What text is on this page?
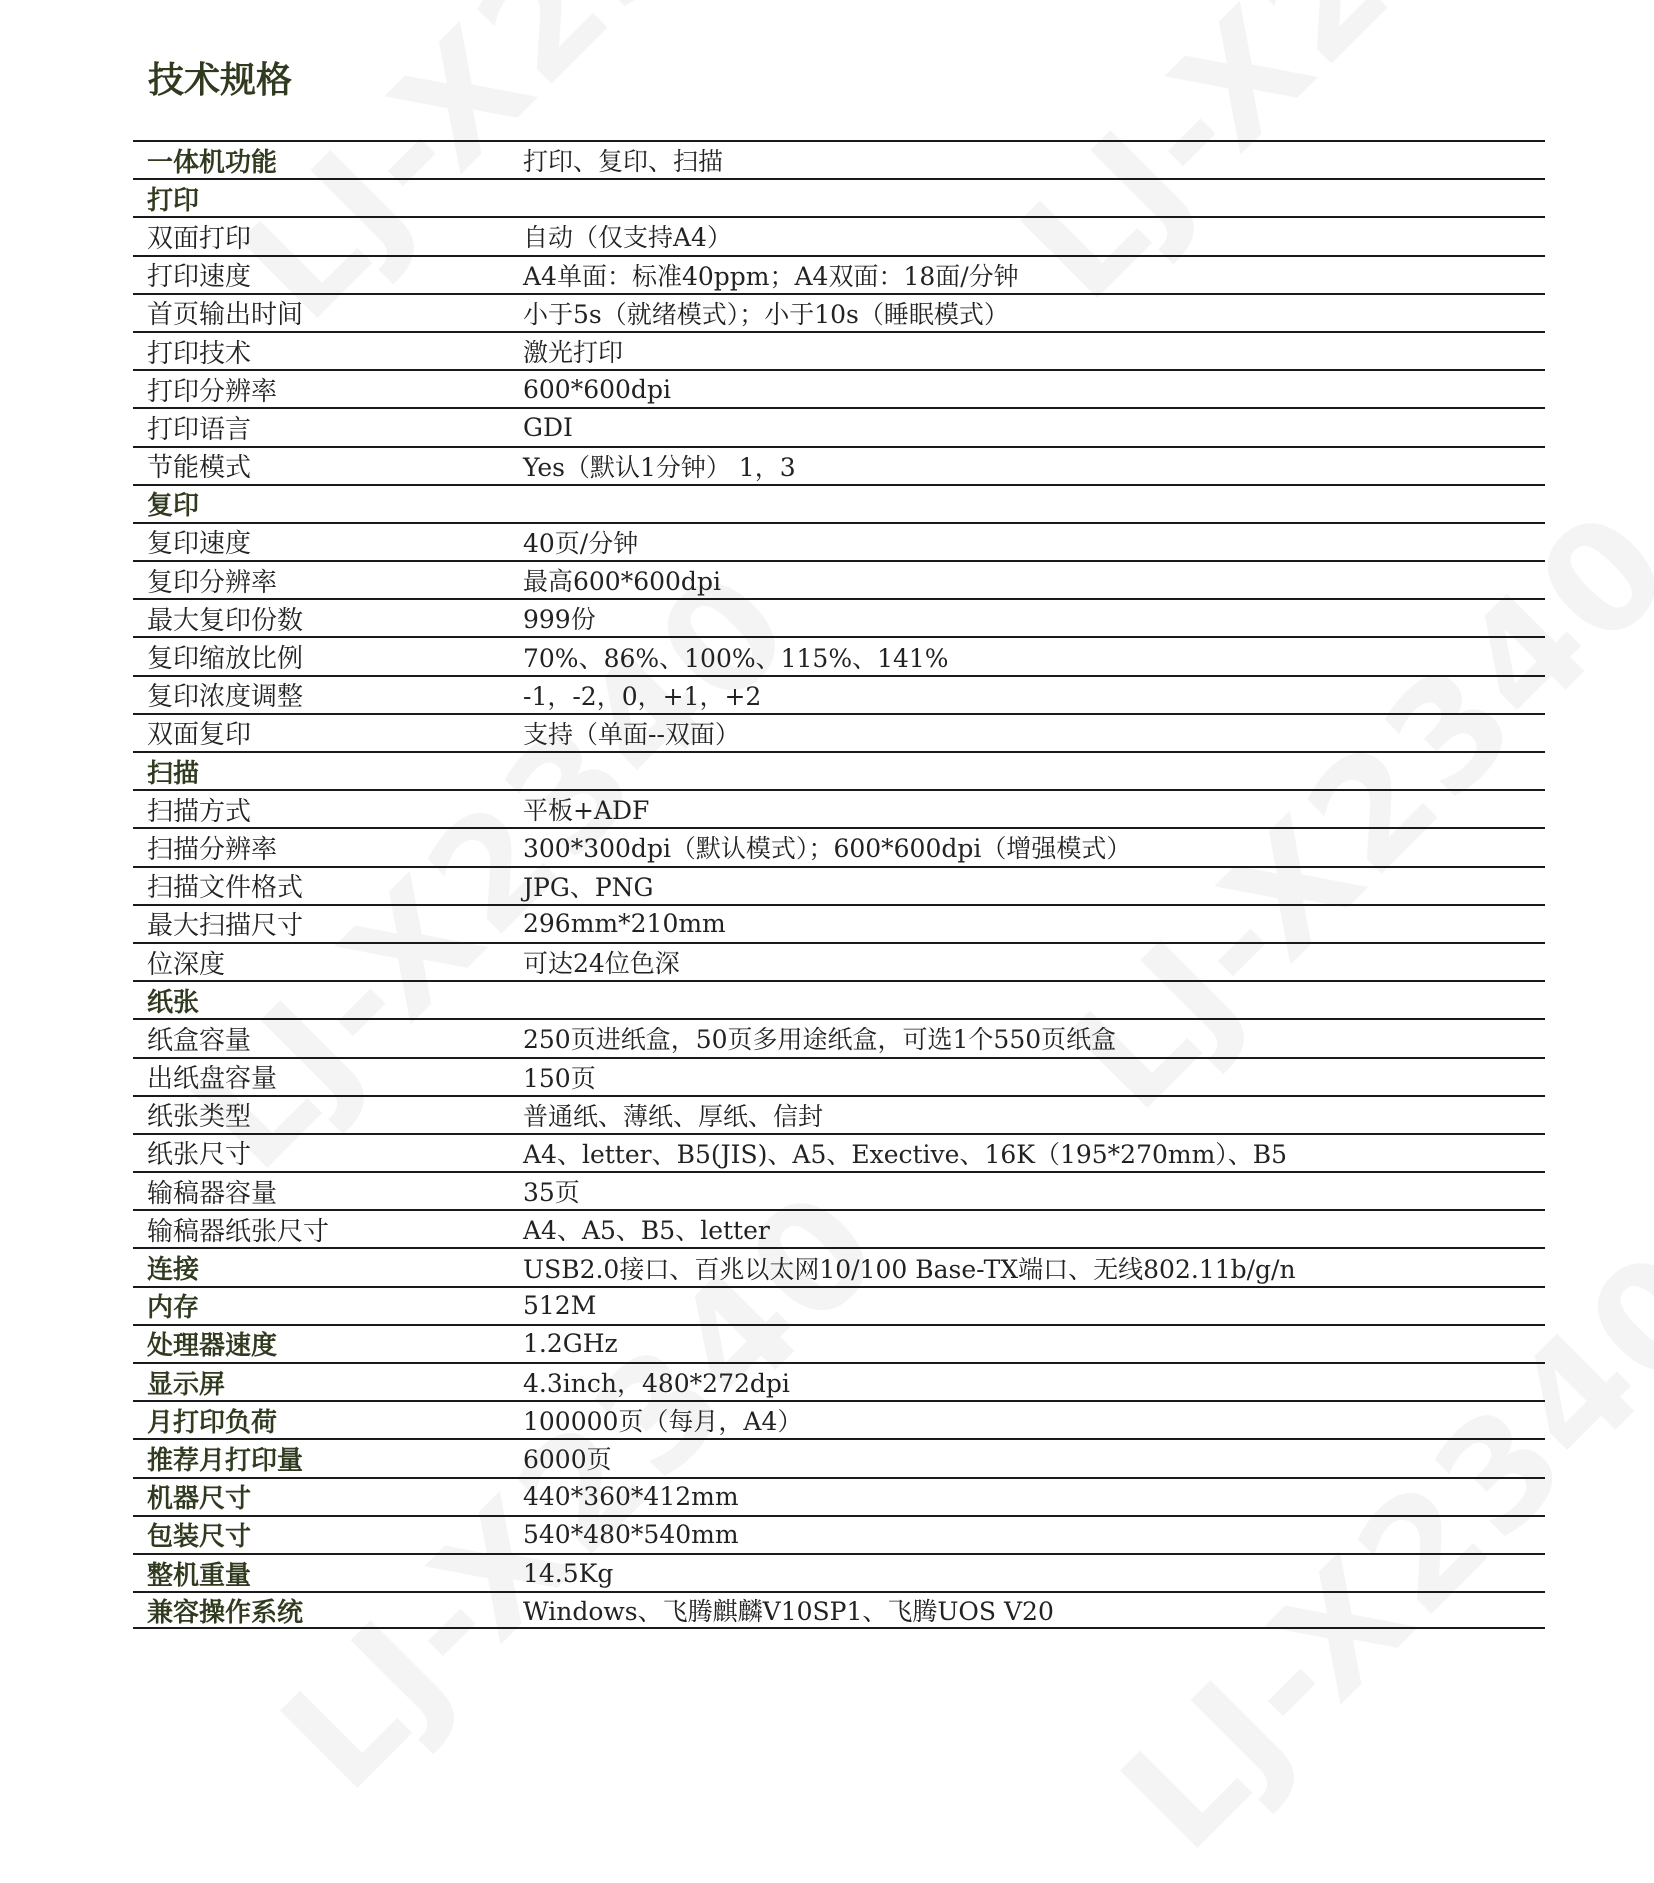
技术规格
一体机功能	打印、复印、扫描
打印
双面打印	自动（仅支持A4）
打印速度	A4单面：标准40ppm；A4双面：18面/分钟
首页输出时间	小于5s（就绪模式）；小于10s（睡眠模式）
打印技术	激光打印
打印分辨率	600*600dpi
打印语言	GDI
节能模式	Yes（默认1分钟） 1，3
复印
复印速度	40页/分钟
复印分辨率	最高600*600dpi
最大复印份数	999份
复印缩放比例	70%、86%、100%、115%、141%
复印浓度调整	-1，-2，0，+1，+2
双面复印	支持（单面--双面）
扫描
扫描方式	平板+ADF
扫描分辨率	300*300dpi（默认模式）；600*600dpi（增强模式）
扫描文件格式	JPG、PNG
最大扫描尺寸	296mm*210mm
位深度	可达24位色深
纸张
纸盒容量	250页进纸盒，50页多用途纸盒，可选1个550页纸盒
出纸盘容量	150页
纸张类型	普通纸、薄纸、厚纸、信封
纸张尺寸	A4、letter、B5(JIS)、A5、Exective、16K（195*270mm）、B5
输稿器容量	35页
输稿器纸张尺寸	A4、A5、B5、letter
连接	USB2.0接口、百兆以太网10/100 Base-TX端口、无线802.11b/g/n
内存	512M
处理器速度	1.2GHz
显示屏	4.3inch，480*272dpi
月打印负荷	100000页（每月，A4）
推荐月打印量	6000页
机器尺寸	440*360*412mm
包装尺寸	540*480*540mm
整机重量	14.5Kg
兼容操作系统	Windows、飞腾麒麟V10SP1、飞腾UOS V20
